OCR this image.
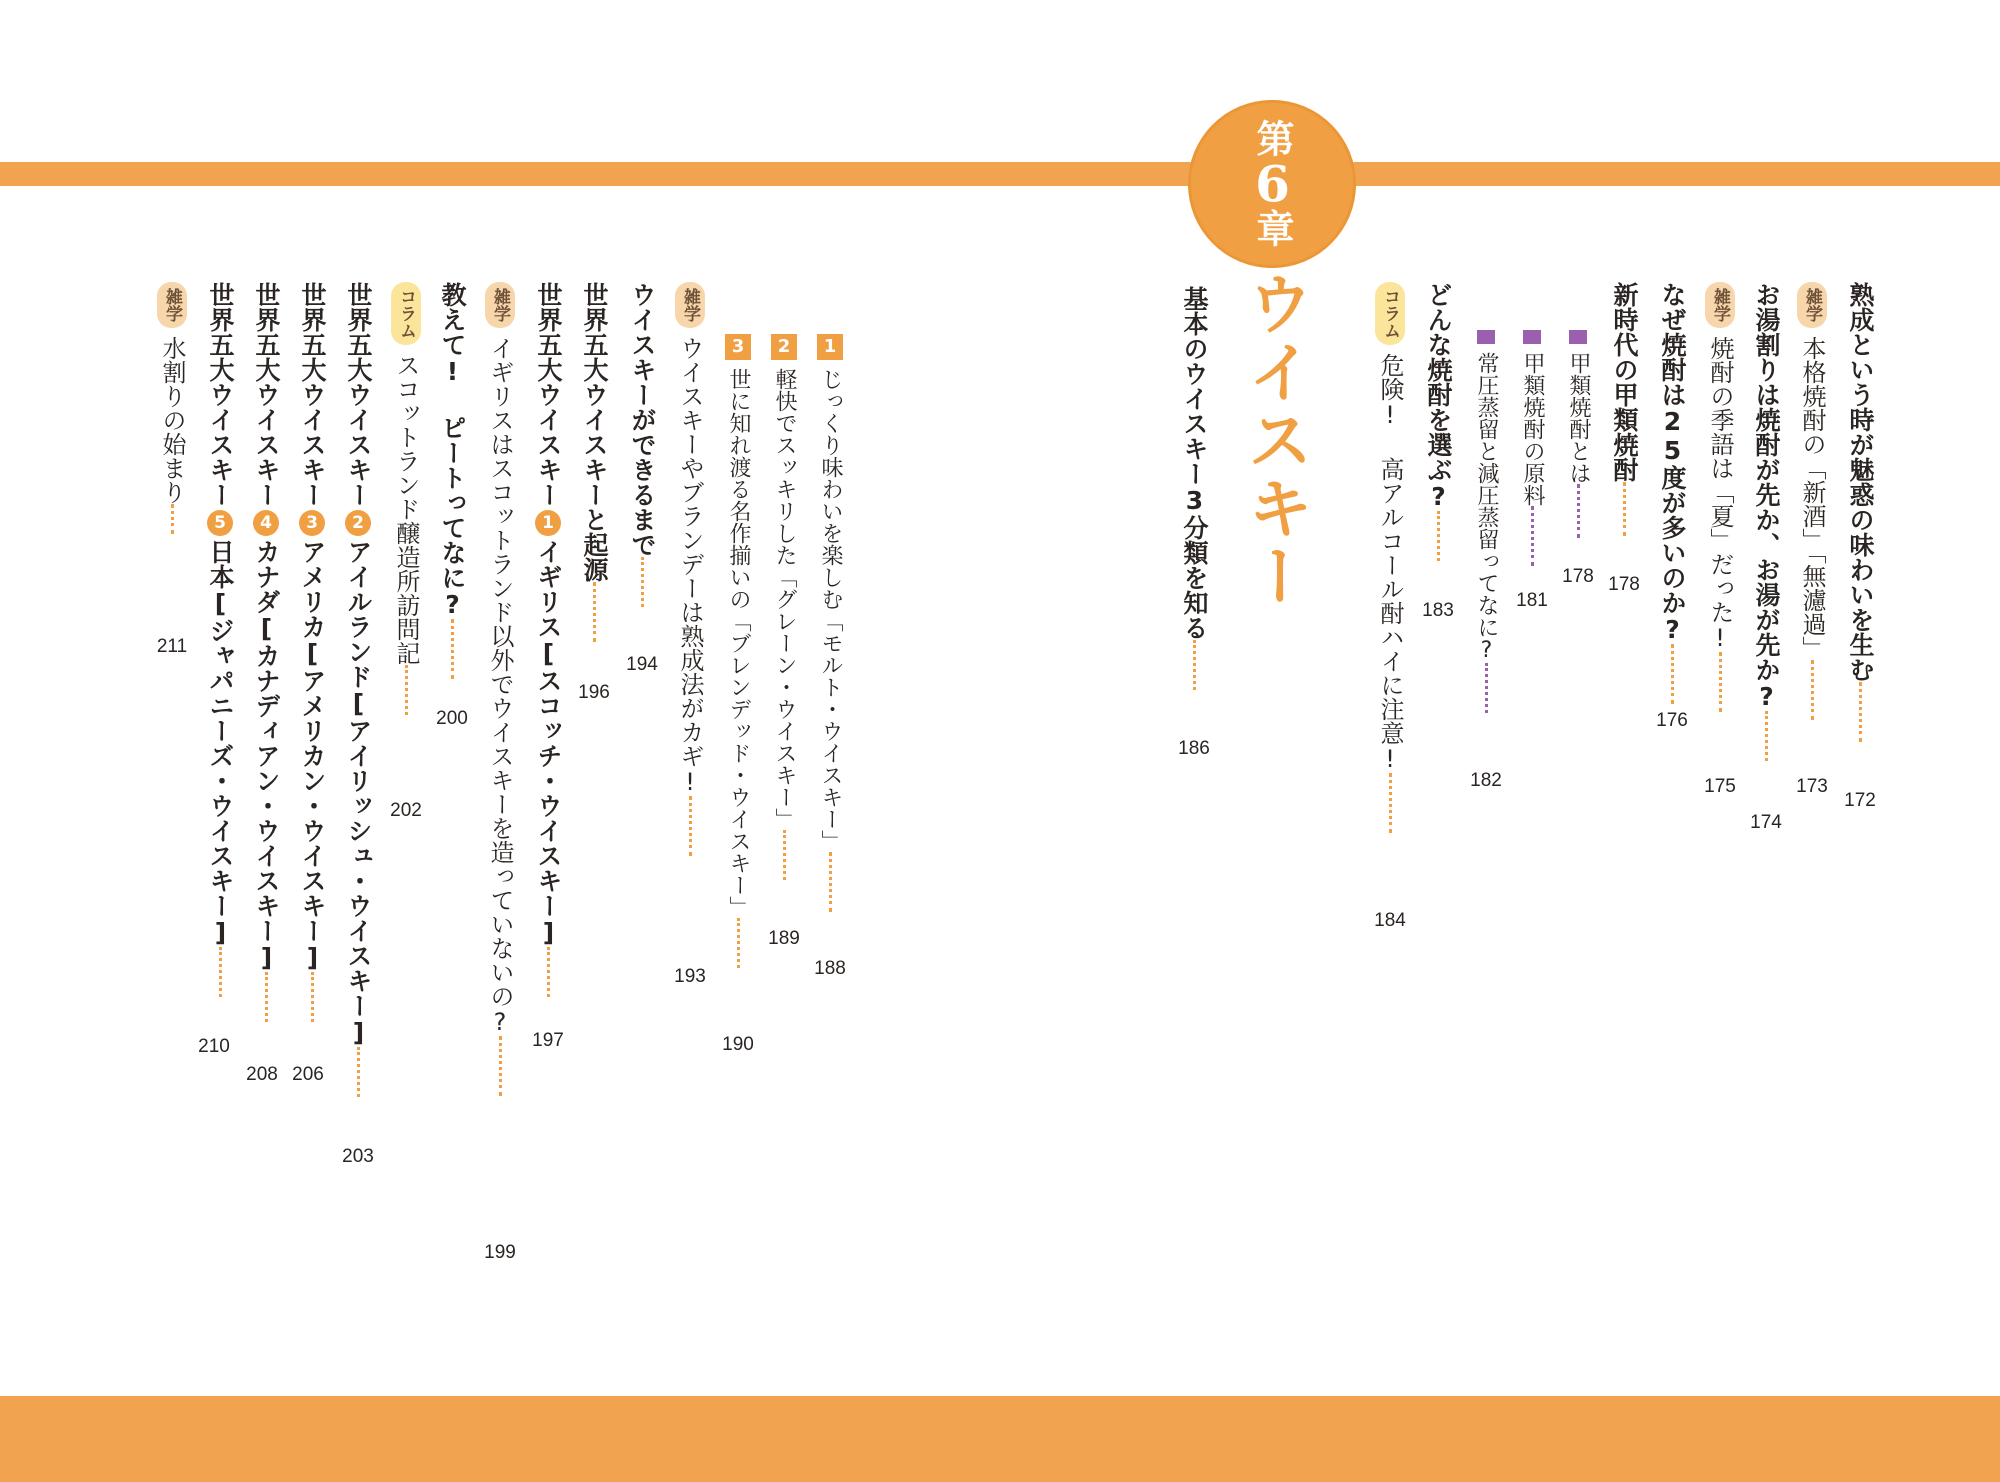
第
6
章
ウイスキー	熟成という時が魅惑の味わいを生む
172
雑学本格焼酎の「新酒」「無濾過」
173
お湯割りは焼酎が先か、お湯が先か?
174
雑学焼酎の季語は「夏」だった!
175
なぜ焼酎は25度が多いのか?
176
新時代の甲類焼酎
178
甲類焼酎とは
178
甲類焼酎の原料
181
常圧蒸留と減圧蒸留ってなに?
182
どんな焼酎を選ぶ?
183
コラム危険! 高アルコール酎ハイに注意!
184
基本のウイスキー3分類を知る
186
1じっくり味わいを楽しむ「モルト・ウイスキー」
188
2軽快でスッキリした「グレーン・ウイスキー」
189
3世に知れ渡る名作揃いの「ブレンデッド・ウイスキー」
190
雑学ウイスキーやブランデーは熟成法がカギ!
193
ウイスキーができるまで
194
世界五大ウイスキーと起源
196
世界五大ウイスキー1イギリス[スコッチ・ウイスキー]
197
雑学イギリスはスコットランド以外でウイスキーを造っていないの?
199
教えて! ピートってなに?
200
コラムスコットランド醸造所訪問記
202
世界五大ウイスキー2アイルランド[アイリッシュ・ウイスキー]
203
世界五大ウイスキー3アメリカ[アメリカン・ウイスキー]
206
世界五大ウイスキー4カナダ[カナディアン・ウイスキー]
208
世界五大ウイスキー5日本[ジャパニーズ・ウイスキー]
210
雑学水割りの始まり
211
